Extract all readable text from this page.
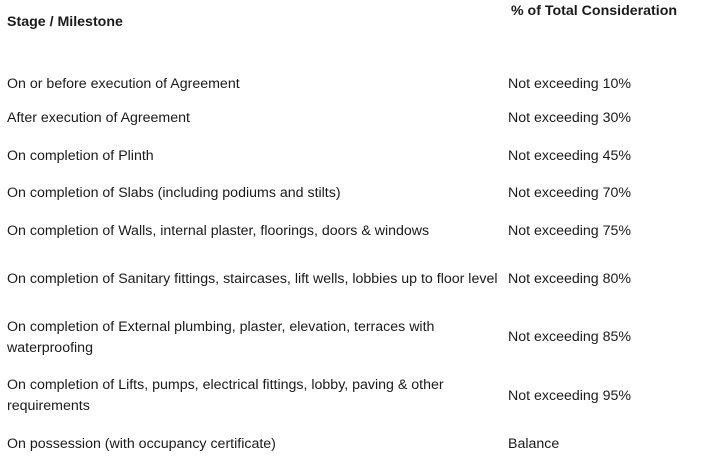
Stage / Milestone	% of Total Consideration
On or before execution of Agreement	Not exceeding 10%
After execution of Agreement	Not exceeding 30%
On completion of Plinth	Not exceeding 45%
On completion of Slabs (including podiums and stilts)	Not exceeding 70%
On completion of Walls, internal plaster, floorings, doors & windows	Not exceeding 75%
On completion of Sanitary fittings, staircases, lift wells, lobbies up to floor level	Not exceeding 80%
On completion of External plumbing, plaster, elevation, terraces with waterproofing	Not exceeding 85%
On completion of Lifts, pumps, electrical fittings, lobby, paving & other requirements	Not exceeding 95%
On possession (with occupancy certificate)	Balance
